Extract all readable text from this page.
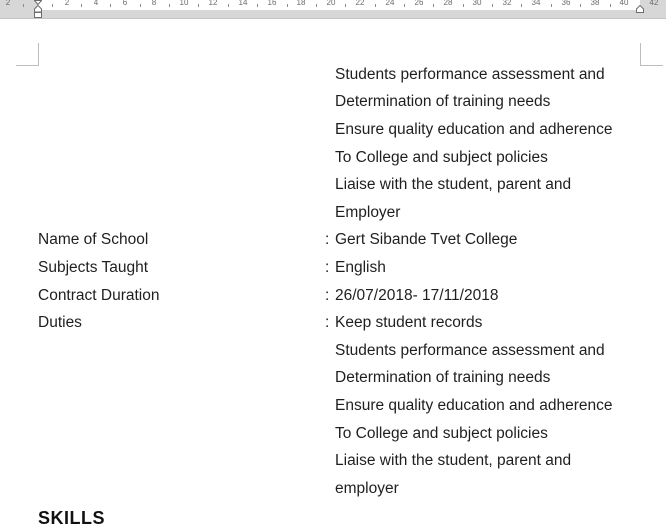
2	2	4	6	8	10	12	14	16	18	20	22	24	26	28	30	32	34	36	38	40	42
Students performance assessment and
Determination of training needs
Ensure quality education and adherence
To College and subject policies
Liaise with the student, parent and
Employer
Name of School	: Gert Sibande Tvet College
Subjects Taught	: English
Contract Duration	: 26/07/2018- 17/11/2018
Duties	: Keep student records
Students performance assessment and
Determination of training needs
Ensure quality education and adherence
To College and subject policies
Liaise with the student, parent and
employer
SKILLS
